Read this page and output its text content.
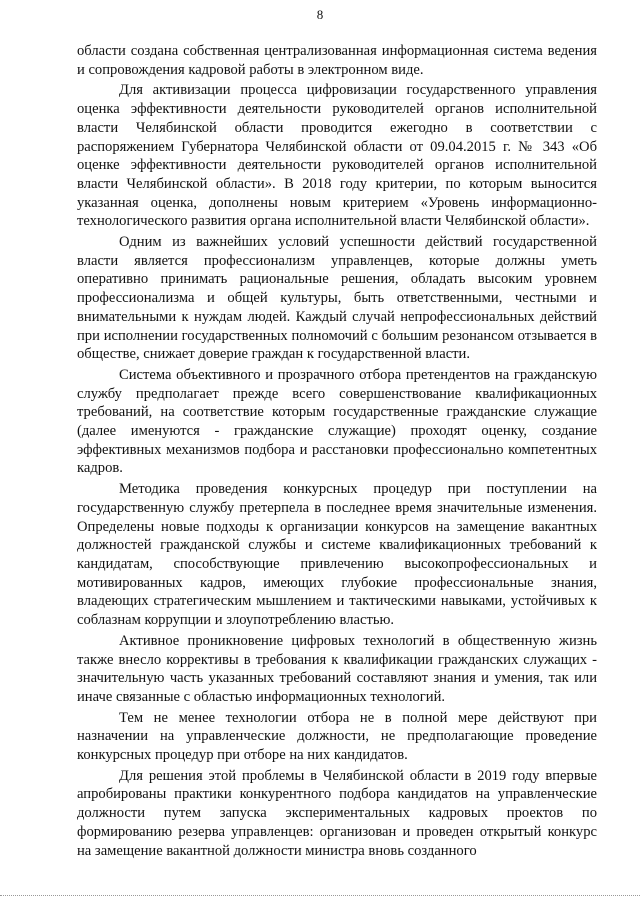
8

области создана собственная централизованная информационная система ведения и сопровождения кадровой работы в электронном виде.

Для активизации процесса цифровизации государственного управления оценка эффективности деятельности руководителей органов исполнительной власти Челябинской области проводится ежегодно в соответствии с распоряжением Губернатора Челябинской области от 09.04.2015 г. № 343 «Об оценке эффективности деятельности руководителей органов исполнительной власти Челябинской области». В 2018 году критерии, по которым выносится указанная оценка, дополнены новым критерием «Уровень информационно-технологического развития органа исполнительной власти Челябинской области».

Одним из важнейших условий успешности действий государственной власти является профессионализм управленцев, которые должны уметь оперативно принимать рациональные решения, обладать высоким уровнем профессионализма и общей культуры, быть ответственными, честными и внимательными к нуждам людей. Каждый случай непрофессиональных действий при исполнении государственных полномочий с большим резонансом отзывается в обществе, снижает доверие граждан к государственной власти.

Система объективного и прозрачного отбора претендентов на гражданскую службу предполагает прежде всего совершенствование квалификационных требований, на соответствие которым государственные гражданские служащие (далее именуются - гражданские служащие) проходят оценку, создание эффективных механизмов подбора и расстановки профессионально компетентных кадров.

Методика проведения конкурсных процедур при поступлении на государственную службу претерпела в последнее время значительные изменения. Определены новые подходы к организации конкурсов на замещение вакантных должностей гражданской службы и системе квалификационных требований к кандидатам, способствующие привлечению высокопрофессиональных и мотивированных кадров, имеющих глубокие профессиональные знания, владеющих стратегическим мышлением и тактическими навыками, устойчивых к соблазнам коррупции и злоупотреблению властью.

Активное проникновение цифровых технологий в общественную жизнь также внесло коррективы в требования к квалификации гражданских служащих - значительную часть указанных требований составляют знания и умения, так или иначе связанные с областью информационных технологий.

Тем не менее технологии отбора не в полной мере действуют при назначении на управленческие должности, не предполагающие проведение конкурсных процедур при отборе на них кандидатов.

Для решения этой проблемы в Челябинской области в 2019 году впервые апробированы практики конкурентного подбора кандидатов на управленческие должности путем запуска экспериментальных кадровых проектов по формированию резерва управленцев: организован и проведен открытый конкурс на замещение вакантной должности министра вновь созданного
